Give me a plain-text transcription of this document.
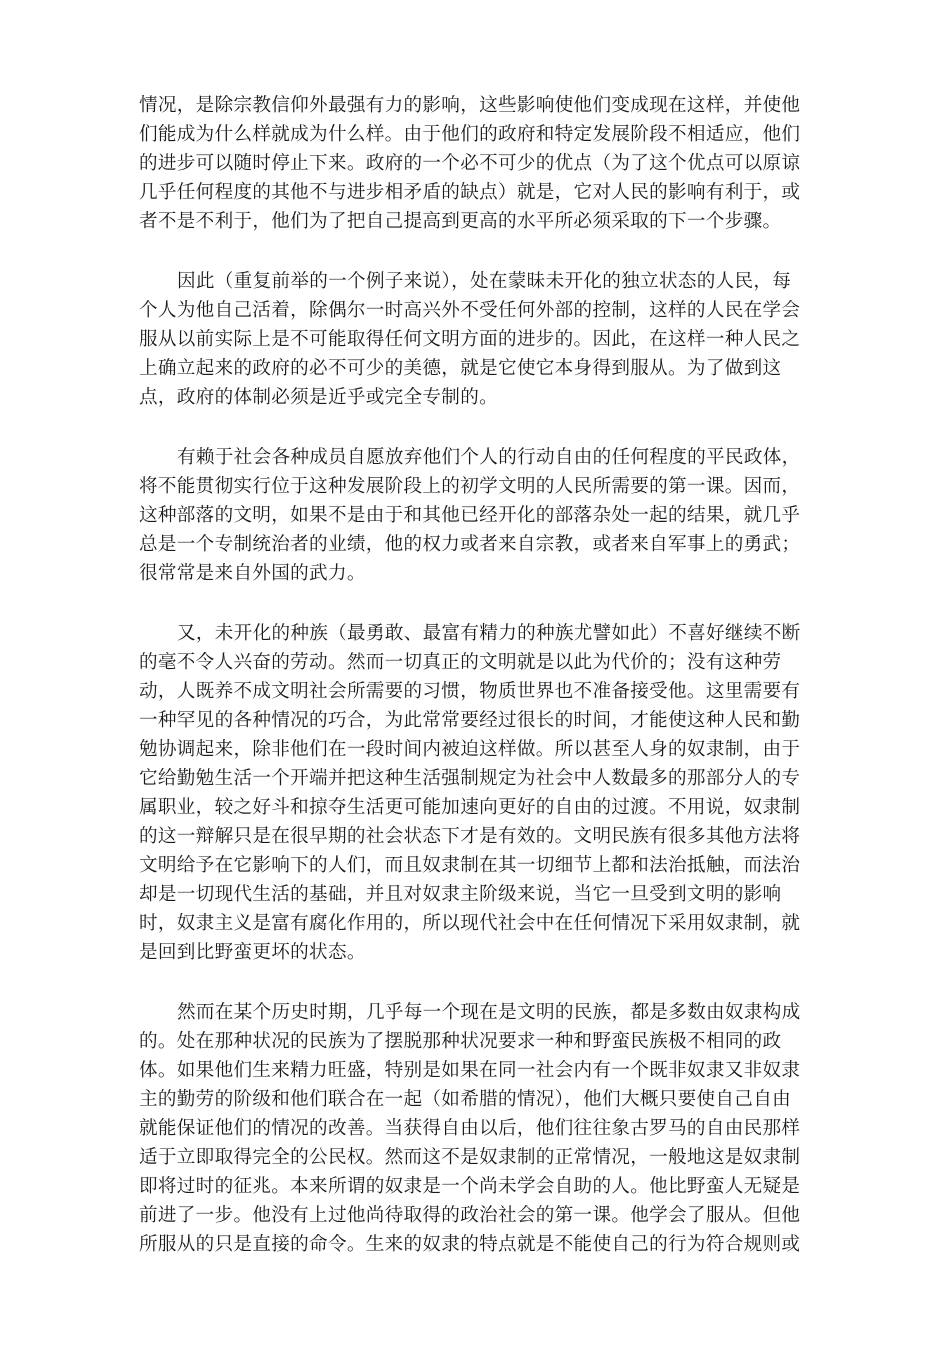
情况，是除宗教信仰外最强有力的影响，这些影响使他们变成现在这样，并使他
们能成为什么样就成为什么样。由于他们的政府和特定发展阶段不相适应，他们
的进步可以随时停止下来。政府的一个必不可少的优点（为了这个优点可以原谅
几乎任何程度的其他不与进步相矛盾的缺点）就是，它对人民的影响有利于，或
者不是不利于，他们为了把自己提高到更高的水平所必须采取的下一个步骤。
因此（重复前举的一个例子来说），处在蒙昧未开化的独立状态的人民，每
个人为他自己活着，除偶尔一时高兴外不受任何外部的控制，这样的人民在学会
服从以前实际上是不可能取得任何文明方面的进步的。因此，在这样一种人民之
上确立起来的政府的必不可少的美德，就是它使它本身得到服从。为了做到这
点，政府的体制必须是近乎或完全专制的。
有赖于社会各种成员自愿放弃他们个人的行动自由的任何程度的平民政体，
将不能贯彻实行位于这种发展阶段上的初学文明的人民所需要的第一课。因而，
这种部落的文明，如果不是由于和其他已经开化的部落杂处一起的结果，就几乎
总是一个专制统治者的业绩，他的权力或者来自宗教，或者来自军事上的勇武；
很常常是来自外国的武力。
又，未开化的种族（最勇敢、最富有精力的种族尤譬如此）不喜好继续不断
的毫不令人兴奋的劳动。然而一切真正的文明就是以此为代价的；没有这种劳
动，人既养不成文明社会所需要的习惯，物质世界也不准备接受他。这里需要有
一种罕见的各种情况的巧合，为此常常要经过很长的时间，才能使这种人民和勤
勉协调起来，除非他们在一段时间内被迫这样做。所以甚至人身的奴隶制，由于
它给勤勉生活一个开端并把这种生活强制规定为社会中人数最多的那部分人的专
属职业，较之好斗和掠夺生活更可能加速向更好的自由的过渡。不用说，奴隶制
的这一辩解只是在很早期的社会状态下才是有效的。文明民族有很多其他方法将
文明给予在它影响下的人们，而且奴隶制在其一切细节上都和法治抵触，而法治
却是一切现代生活的基础，并且对奴隶主阶级来说，当它一旦受到文明的影响
时，奴隶主义是富有腐化作用的，所以现代社会中在任何情况下采用奴隶制，就
是回到比野蛮更坏的状态。
然而在某个历史时期，几乎每一个现在是文明的民族，都是多数由奴隶构成
的。处在那种状况的民族为了摆脱那种状况要求一种和野蛮民族极不相同的政
体。如果他们生来精力旺盛，特别是如果在同一社会内有一个既非奴隶又非奴隶
主的勤劳的阶级和他们联合在一起（如希腊的情况），他们大概只要使自己自由
就能保证他们的情况的改善。当获得自由以后，他们往往象古罗马的自由民那样
适于立即取得完全的公民权。然而这不是奴隶制的正常情况，一般地这是奴隶制
即将过时的征兆。本来所谓的奴隶是一个尚未学会自助的人。他比野蛮人无疑是
前进了一步。他没有上过他尚待取得的政治社会的第一课。他学会了服从。但他
所服从的只是直接的命令。生来的奴隶的特点就是不能使自己的行为符合规则或
